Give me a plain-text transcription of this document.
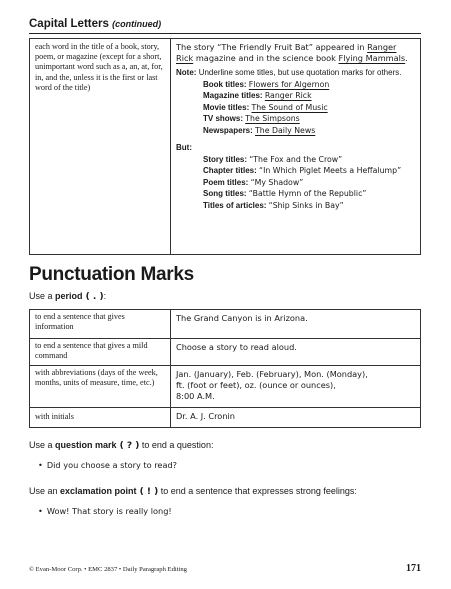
Capital Letters (continued)
each word in the title of a book, story, poem, or magazine (except for a short, unimportant word such as a, an, at, for, in, and the, unless it is the first or last word of the title)
The story “The Friendly Fruit Bat” appeared in Ranger Rick magazine and in the science book Flying Mammals.
Note: Underline some titles, but use quotation marks for others.
Book titles: Flowers for Algernon
Magazine titles: Ranger Rick
Movie titles: The Sound of Music
TV shows: The Simpsons
Newspapers: The Daily News
But:
Story titles: “The Fox and the Crow”
Chapter titles: “In Which Piglet Meets a Heffalump”
Poem titles: “My Shadow”
Song titles: “Battle Hymn of the Republic”
Titles of articles: “Ship Sinks in Bay”
Punctuation Marks
Use a period ( . ):
to end a sentence that gives information
The Grand Canyon is in Arizona.
to end a sentence that gives a mild command
Choose a story to read aloud.
with abbreviations (days of the week, months, units of measure, time, etc.)
Jan. (January), Feb. (February), Mon. (Monday),
ft. (foot or feet), oz. (ounce or ounces),
8:00 A.M.
with initials	Dr. A. J. Cronin
Use a question mark ( ? ) to end a question:
• Did you choose a story to read?
Use an exclamation point ( ! ) to end a sentence that expresses strong feelings:
• Wow! That story is really long!
© Evan-Moor Corp. • EMC 2837 • Daily Paragraph Editing	171
